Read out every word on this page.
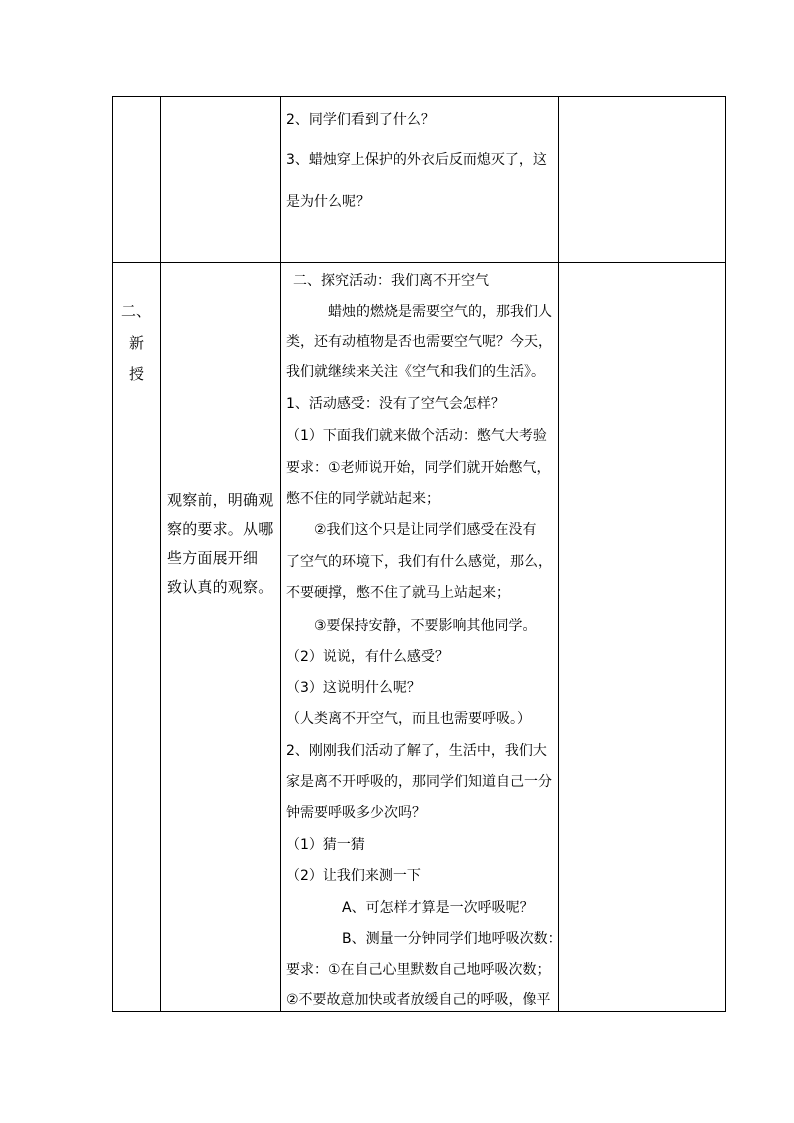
2、同学们看到了什么？
3、蜡烛穿上保护的外衣后反而熄灭了，这
是为什么呢？
二、
新
授
观察前，明确观
察的要求。从哪
些方面展开细
致认真的观察。
二、探究活动：我们离不开空气
蜡烛的燃烧是需要空气的，那我们人
类，还有动植物是否也需要空气呢？今天，
我们就继续来关注《空气和我们的生活》。
1、活动感受：没有了空气会怎样？
（1）下面我们就来做个活动：憋气大考验
要求：①老师说开始，同学们就开始憋气，
憋不住的同学就站起来；
②我们这个只是让同学们感受在没有
了空气的环境下，我们有什么感觉，那么，
不要硬撑，憋不住了就马上站起来；
③要保持安静，不要影响其他同学。
（2）说说，有什么感受？
（3）这说明什么呢？
（人类离不开空气，而且也需要呼吸。）
2、刚刚我们活动了解了，生活中，我们大
家是离不开呼吸的，那同学们知道自己一分
钟需要呼吸多少次吗？
（1）猜一猜
（2）让我们来测一下
A、可怎样才算是一次呼吸呢？
B、测量一分钟同学们地呼吸次数：
要求：①在自己心里默数自己地呼吸次数；
②不要故意加快或者放缓自己的呼吸，像平
